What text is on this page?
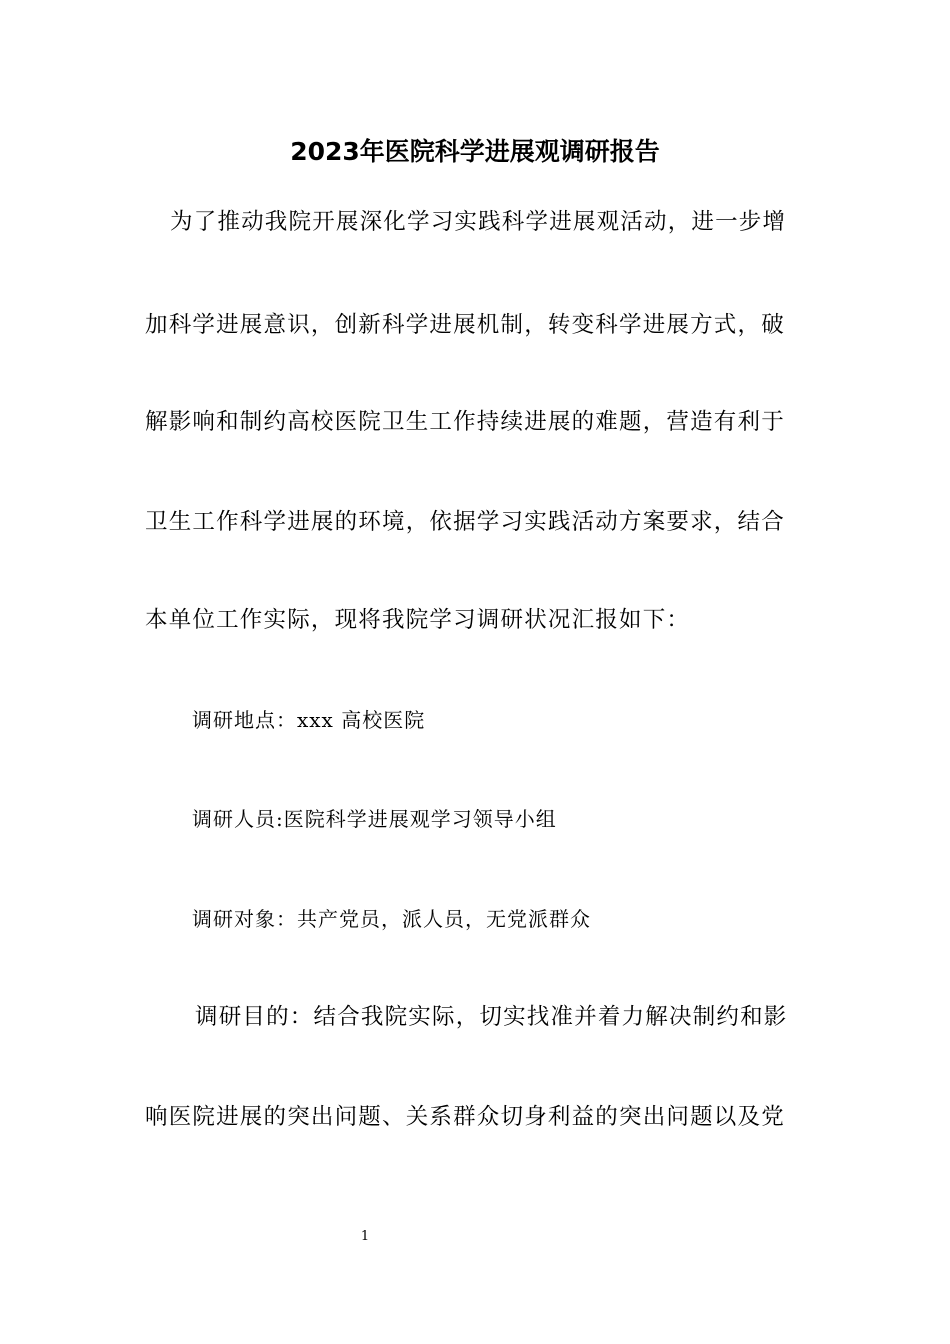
2023年医院科学进展观调研报告
为了推动我院开展深化学习实践科学进展观活动，进一步增
加科学进展意识，创新科学进展机制，转变科学进展方式，破
解影响和制约高校医院卫生工作持续进展的难题，营造有利于
卫生工作科学进展的环境，依据学习实践活动方案要求，结合
本单位工作实际，现将我院学习调研状况汇报如下：
调研地点：xxx 高校医院
调研人员:医院科学进展观学习领导小组
调研对象：共产党员，派人员，无党派群众
调研目的：结合我院实际，切实找准并着力解决制约和影
响医院进展的突出问题、关系群众切身利益的突出问题以及党
1
